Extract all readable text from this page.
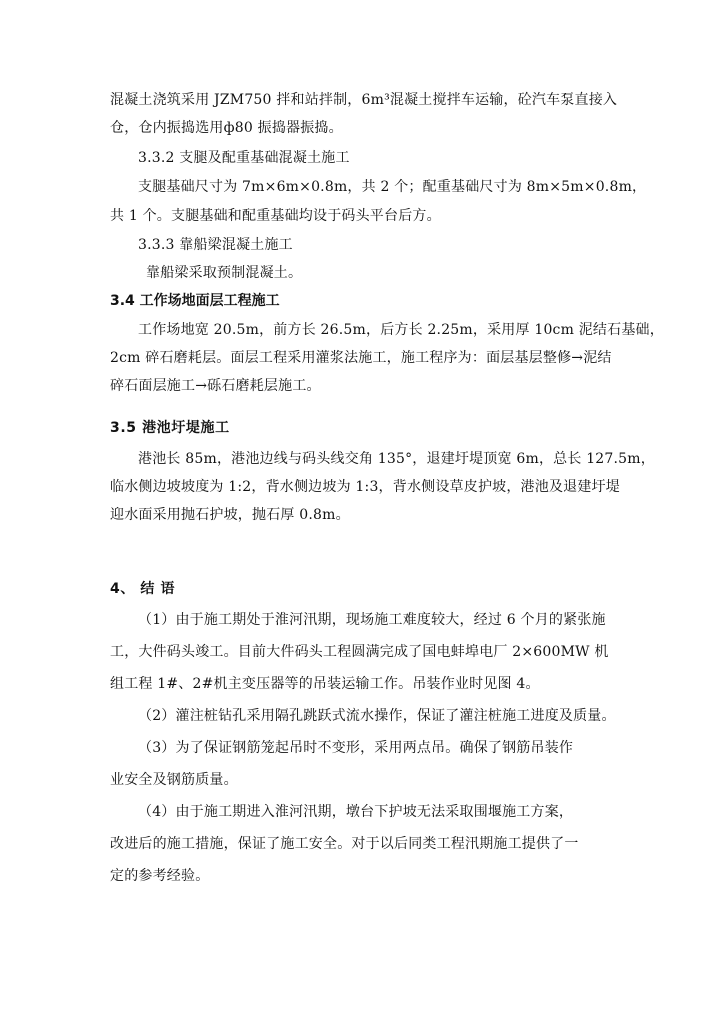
混凝土浇筑采用 JZM750 拌和站拌制，6m³混凝土搅拌车运输，砼汽车泵直接入
仓，仓内振捣选用ф80 振捣器振捣。
3.3.2 支腿及配重基础混凝土施工
支腿基础尺寸为 7m×6m×0.8m，共 2 个；配重基础尺寸为 8m×5m×0.8m，
共 1 个。支腿基础和配重基础均设于码头平台后方。
3.3.3 靠船梁混凝土施工
靠船梁采取预制混凝土。
3.4 工作场地面层工程施工
工作场地宽 20.5m，前方长 26.5m，后方长 2.25m，采用厚 10cm 泥结石基础，
2cm 碎石磨耗层。面层工程采用灌浆法施工，施工程序为：面层基层整修→泥结
碎石面层施工→砾石磨耗层施工。
3.5 港池圩堤施工
港池长 85m，港池边线与码头线交角 135°，退建圩堤顶宽 6m，总长 127.5m，
临水侧边坡坡度为 1:2，背水侧边坡为 1:3，背水侧设草皮护坡，港池及退建圩堤
迎水面采用抛石护坡，抛石厚 0.8m。
4、 结 语
（1）由于施工期处于淮河汛期，现场施工难度较大，经过 6 个月的紧张施
工，大件码头竣工。目前大件码头工程圆满完成了国电蚌埠电厂 2×600MW 机
组工程 1#、2#机主变压器等的吊装运输工作。吊装作业时见图 4。
（2）灌注桩钻孔采用隔孔跳跃式流水操作，保证了灌注桩施工进度及质量。
（3）为了保证钢筋笼起吊时不变形，采用两点吊。确保了钢筋吊装作
业安全及钢筋质量。
（4）由于施工期进入淮河汛期，墩台下护坡无法采取围堰施工方案，
改进后的施工措施，保证了施工安全。对于以后同类工程汛期施工提供了一
定的参考经验。
